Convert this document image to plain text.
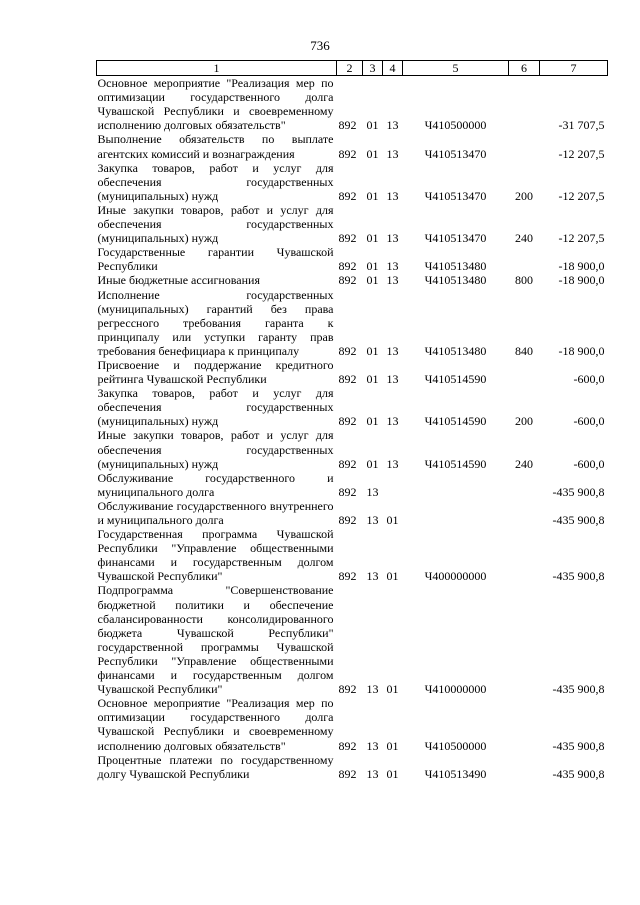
736
1	2	3	4	5	6	7
Основное мероприятие "Реализация мер по оптимизации государственного долга Чувашской Республики и своевременному исполнению долговых обязательств"	892	01	13	Ч410500000		-31 707,5
Выполнение обязательств по выплате агентских комиссий и вознаграждения	892	01	13	Ч410513470		-12 207,5
Закупка товаров, работ и услуг для обеспечения государственных (муниципальных) нужд	892	01	13	Ч410513470	200	-12 207,5
Иные закупки товаров, работ и услуг для обеспечения государственных (муниципальных) нужд	892	01	13	Ч410513470	240	-12 207,5
Государственные гарантии Чувашской Республики	892	01	13	Ч410513480		-18 900,0
Иные бюджетные ассигнования	892	01	13	Ч410513480	800	-18 900,0
Исполнение государственных (муниципальных) гарантий без права регрессного требования гаранта к принципалу или уступки гаранту прав требования бенефициара к принципалу	892	01	13	Ч410513480	840	-18 900,0
Присвоение и поддержание кредитного рейтинга Чувашской Республики	892	01	13	Ч410514590		-600,0
Закупка товаров, работ и услуг для обеспечения государственных (муниципальных) нужд	892	01	13	Ч410514590	200	-600,0
Иные закупки товаров, работ и услуг для обеспечения государственных (муниципальных) нужд	892	01	13	Ч410514590	240	-600,0
Обслуживание государственного и муниципального долга	892	13				-435 900,8
Обслуживание государственного внутреннего и муниципального долга	892	13	01			-435 900,8
Государственная программа Чувашской Республики "Управление общественными финансами и государственным долгом Чувашской Республики"	892	13	01	Ч400000000		-435 900,8
Подпрограмма "Совершенствование бюджетной политики и обеспечение сбалансированности консолидированного бюджета Чувашской Республики" государственной программы Чувашской Республики "Управление общественными финансами и государственным долгом Чувашской Республики"	892	13	01	Ч410000000		-435 900,8
Основное мероприятие "Реализация мер по оптимизации государственного долга Чувашской Республики и своевременному исполнению долговых обязательств"	892	13	01	Ч410500000		-435 900,8
Процентные платежи по государственному долгу Чувашской Республики	892	13	01	Ч410513490		-435 900,8
